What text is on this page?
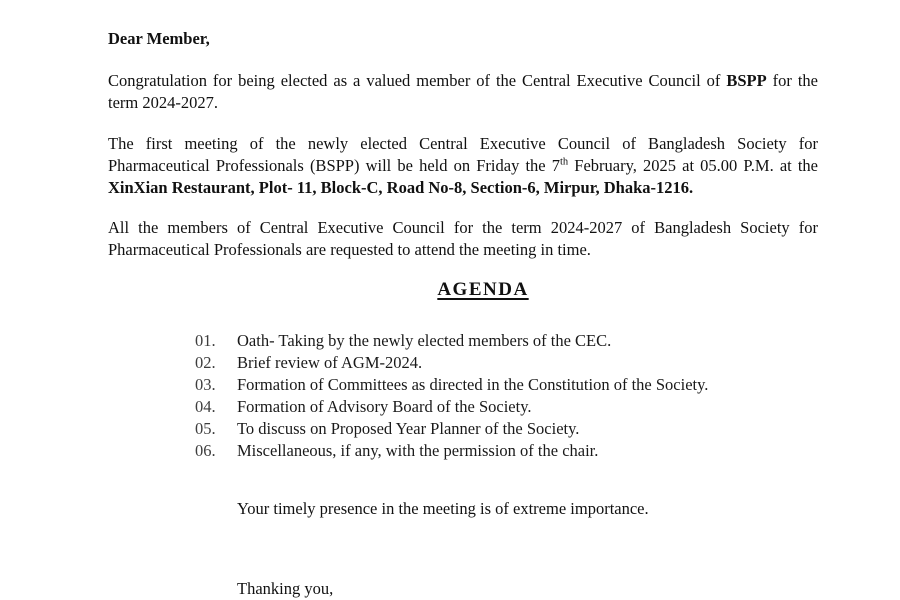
Dear Member,

Congratulation for being elected as a valued member of the Central Executive Council of BSPP for the term 2024-2027.

The first meeting of the newly elected Central Executive Council of Bangladesh Society for Pharmaceutical Professionals (BSPP) will be held on Friday the 7th February, 2025 at 05.00 P.M. at the XinXian Restaurant, Plot- 11, Block-C, Road No-8, Section-6, Mirpur, Dhaka-1216.

All the members of Central Executive Council for the term 2024-2027 of Bangladesh Society for Pharmaceutical Professionals are requested to attend the meeting in time.

AGENDA

01.	Oath- Taking by the newly elected members of the CEC.
02.	Brief review of AGM-2024.
03.	Formation of Committees as directed in the Constitution of the Society.
04.	Formation of Advisory Board of the Society.
05.	To discuss on Proposed Year Planner of the Society.
06.	Miscellaneous, if any, with the permission of the chair.

Your timely presence in the meeting is of extreme importance.

Thanking you,
